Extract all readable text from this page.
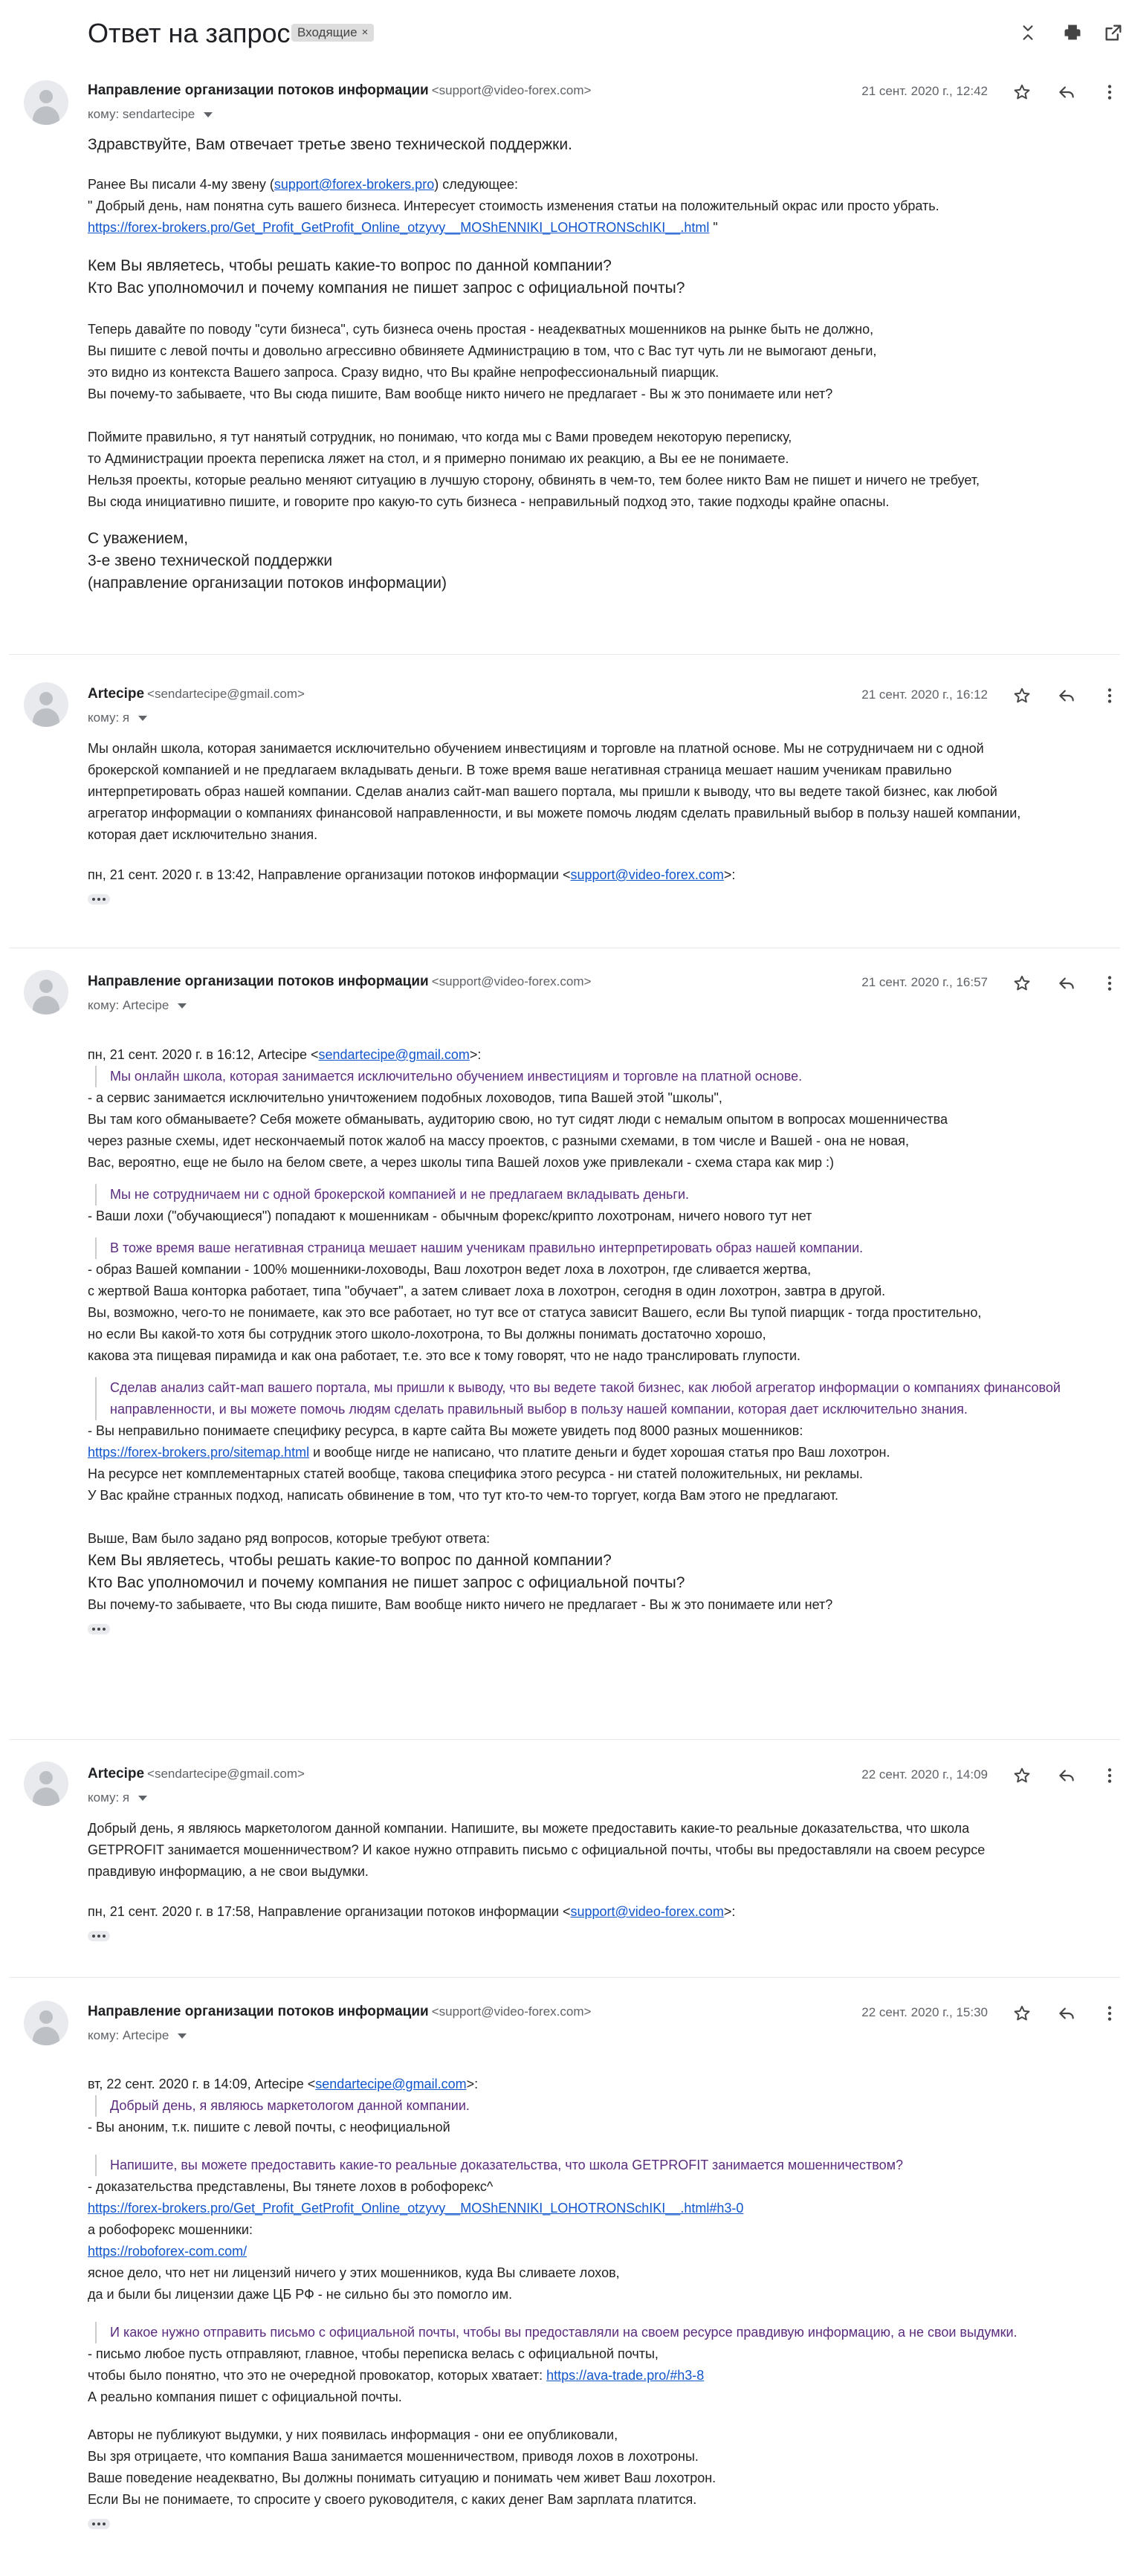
Ответ на запрос Входящие ×
Направление организации потоков информации <support@video-forex.com>
кому: sendartecipe
21 сент. 2020 г., 12:42
Здравствуйте, Вам отвечает третье звено технической поддержки.
Ранее Вы писали 4-му звену (support@forex-brokers.pro) следующее:
" Добрый день, нам понятна суть вашего бизнеса. Интересует стоимость изменения статьи на положительный окрас или просто убрать.
https://forex-brokers.pro/Get_Profit_GetProfit_Online_otzyvy__MOShENNIKI_LOHOTRONSchIKI__.html "
Кем Вы являетесь, чтобы решать какие-то вопрос по данной компании?
Кто Вас уполномочил и почему компания не пишет запрос с официальной почты?
Теперь давайте по поводу "сути бизнеса", суть бизнеса очень простая - неадекватных мошенников на рынке быть не должно,
Вы пишите с левой почты и довольно агрессивно обвиняете Администрацию в том, что с Вас тут чуть ли не вымогают деньги,
это видно из контекста Вашего запроса. Сразу видно, что Вы крайне непрофессиональный пиарщик.
Вы почему-то забываете, что Вы сюда пишите, Вам вообще никто ничего не предлагает - Вы ж это понимаете или нет?
Поймите правильно, я тут нанятый сотрудник, но понимаю, что когда мы с Вами проведем некоторую переписку,
то Администрации проекта переписка ляжет на стол, и я примерно понимаю их реакцию, а Вы ее не понимаете.
Нельзя проекты, которые реально меняют ситуацию в лучшую сторону, обвинять в чем-то, тем более никто Вам не пишет и ничего не требует,
Вы сюда инициативно пишите, и говорите про какую-то суть бизнеса - неправильный подход это, такие подходы крайне опасны.
С уважением,
3-е звено технической поддержки
(направление организации потоков информации)
Artecipe <sendartecipe@gmail.com>
кому: я
21 сент. 2020 г., 16:12
Мы онлайн школа, которая занимается исключительно обучением инвестициям и торговле на платной основе. Мы не сотрудничаем ни с одной
брокерской компанией и не предлагаем вкладывать деньги. В тоже время ваше негативная страница мешает нашим ученикам правильно
интерпретировать образ нашей компании. Сделав анализ сайт-мап вашего портала, мы пришли к выводу, что вы ведете такой бизнес, как любой
агрегатор информации о компаниях финансовой направленности, и вы можете помочь людям сделать правильный выбор в пользу нашей компании,
которая дает исключительно знания.
пн, 21 сент. 2020 г. в 13:42, Направление организации потоков информации <support@video-forex.com>:
Направление организации потоков информации <support@video-forex.com>
кому: Artecipe
21 сент. 2020 г., 16:57
пн, 21 сент. 2020 г. в 16:12, Artecipe <sendartecipe@gmail.com>:
Мы онлайн школа, которая занимается исключительно обучением инвестициям и торговле на платной основе.
- а сервис занимается исключительно уничтожением подобных лоховодов, типа Вашей этой "школы",
Вы там кого обманываете? Себя можете обманывать, аудиторию свою, но тут сидят люди с немалым опытом в вопросах мошенничества
через разные схемы, идет нескончаемый поток жалоб на массу проектов, с разными схемами, в том числе и Вашей - она не новая,
Вас, вероятно, еще не было на белом свете, а через школы типа Вашей лохов уже привлекали - схема стара как мир :)
Мы не сотрудничаем ни с одной брокерской компанией и не предлагаем вкладывать деньги.
- Ваши лохи ("обучающиеся") попадают к мошенникам - обычным форекс/крипто лохотронам, ничего нового тут нет
В тоже время ваше негативная страница мешает нашим ученикам правильно интерпретировать образ нашей компании.
- образ Вашей компании - 100% мошенники-лоховоды, Ваш лохотрон ведет лоха в лохотрон, где сливается жертва,
с жертвой Ваша конторка работает, типа "обучает", а затем сливает лоха в лохотрон, сегодня в один лохотрон, завтра в другой.
Вы, возможно, чего-то не понимаете, как это все работает, но тут все от статуса зависит Вашего, если Вы тупой пиарщик - тогда простительно,
но если Вы какой-то хотя бы сотрудник этого школо-лохотрона, то Вы должны понимать достаточно хорошо,
какова эта пищевая пирамида и как она работает, т.е. это все к тому говорят, что не надо транслировать глупости.
Сделав анализ сайт-мап вашего портала, мы пришли к выводу, что вы ведете такой бизнес, как любой агрегатор информации о компаниях финансовой направленности, и вы можете помочь людям сделать правильный выбор в пользу нашей компании, которая дает исключительно знания.
- Вы неправильно понимаете специфику ресурса, в карте сайта Вы можете увидеть под 8000 разных мошенников:
https://forex-brokers.pro/sitemap.html и вообще нигде не написано, что платите деньги и будет хорошая статья про Ваш лохотрон.
На ресурсе нет комплементарных статей вообще, такова специфика этого ресурса - ни статей положительных, ни рекламы.
У Вас крайне странных подход, написать обвинение в том, что тут кто-то чем-то торгует, когда Вам этого не предлагают.
Выше, Вам было задано ряд вопросов, которые требуют ответа:
Кем Вы являетесь, чтобы решать какие-то вопрос по данной компании?
Кто Вас уполномочил и почему компания не пишет запрос с официальной почты?
Вы почему-то забываете, что Вы сюда пишите, Вам вообще никто ничего не предлагает - Вы ж это понимаете или нет?
Artecipe <sendartecipe@gmail.com>
кому: я
22 сент. 2020 г., 14:09
Добрый день, я являюсь маркетологом данной компании. Напишите, вы можете предоставить какие-то реальные доказательства, что школа
GETPROFIT занимается мошенничеством? И какое нужно отправить письмо с официальной почты, чтобы вы предоставляли на своем ресурсе
правдивую информацию, а не свои выдумки.
пн, 21 сент. 2020 г. в 17:58, Направление организации потоков информации <support@video-forex.com>:
Направление организации потоков информации <support@video-forex.com>
кому: Artecipe
22 сент. 2020 г., 15:30
вт, 22 сент. 2020 г. в 14:09, Artecipe <sendartecipe@gmail.com>:
Добрый день, я являюсь маркетологом данной компании.
- Вы аноним, т.к. пишите с левой почты, с неофициальной
Напишите, вы можете предоставить какие-то реальные доказательства, что школа GETPROFIT занимается мошенничеством?
- доказательства представлены, Вы тянете лохов в робофорекс^
https://forex-brokers.pro/Get_Profit_GetProfit_Online_otzyvy__MOShENNIKI_LOHOTRONSchIKI__.html#h3-0
а робофорекс мошенники:
https://roboforex-com.com/
ясное дело, что нет ни лицензий ничего у этих мошенников, куда Вы сливаете лохов,
да и были бы лицензии даже ЦБ РФ - не сильно бы это помогло им.
И какое нужно отправить письмо с официальной почты, чтобы вы предоставляли на своем ресурсе правдивую информацию, а не свои выдумки.
- письмо любое пусть отправляют, главное, чтобы переписка велась с официальной почты,
чтобы было понятно, что это не очередной провокатор, которых хватает: https://ava-trade.pro/#h3-8
А реально компания пишет с официальной почты.
Авторы не публикуют выдумки, у них появилась информация - они ее опубликовали,
Вы зря отрицаете, что компания Ваша занимается мошенничеством, приводя лохов в лохотроны.
Ваше поведение неадекватно, Вы должны понимать ситуацию и понимать чем живет Ваш лохотрон.
Если Вы не понимаете, то спросите у своего руководителя, с каких денег Вам зарплата платится.
